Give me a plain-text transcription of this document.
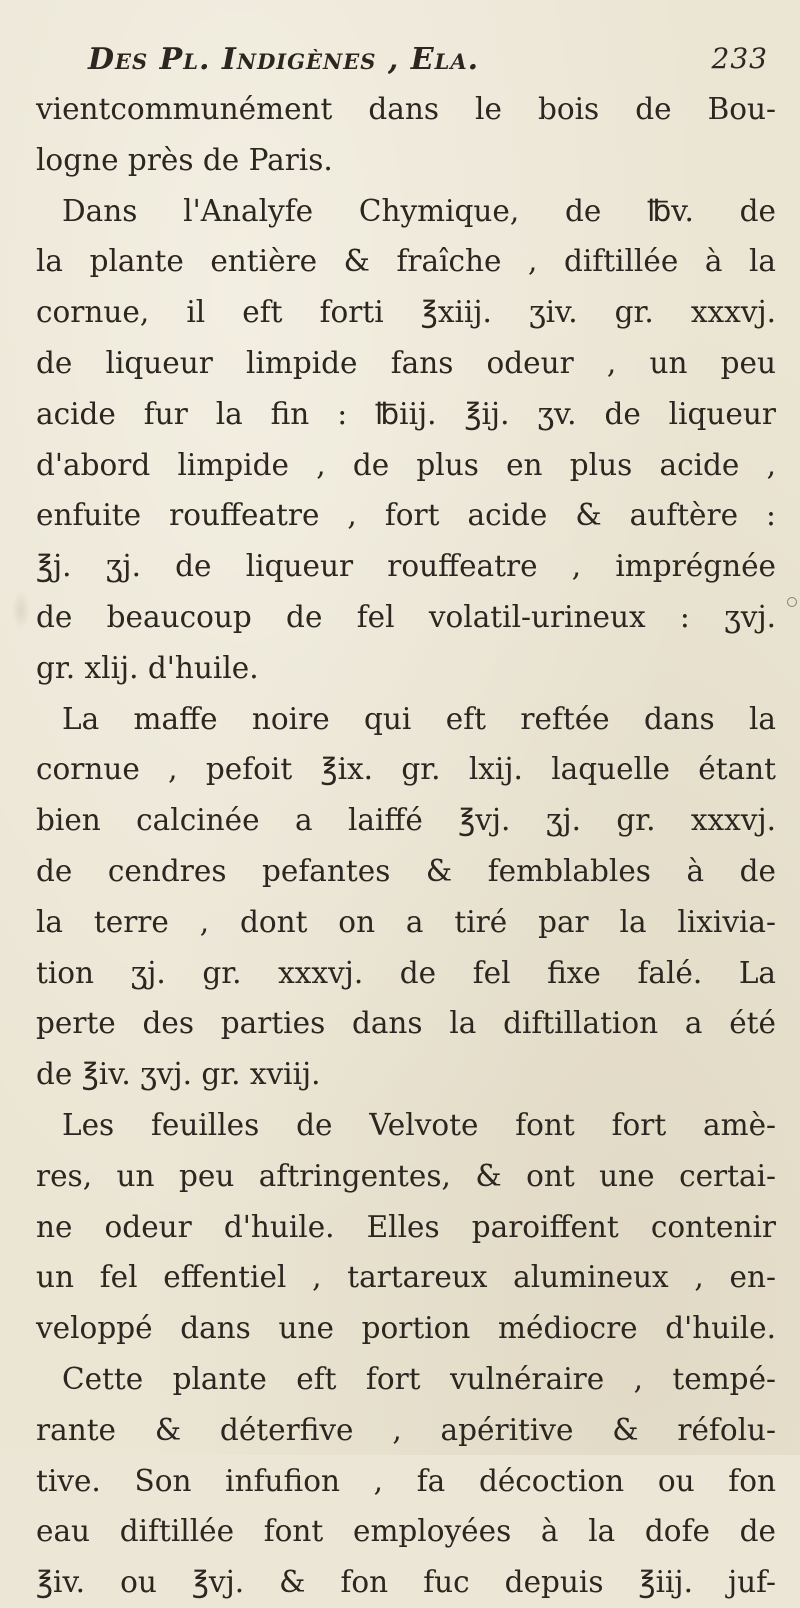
Des Pl. Indigènes , Ela.	233
vientcommunément dans le bois de Bou-
logne près de Paris.
Dans l'Analyfe Chymique, de ℔v. de
la plante entière & fraîche , diftillée à la
cornue, il eft forti ℥xiij. ʒiv. gr. xxxvj.
de liqueur limpide fans odeur , un peu
acide fur la fin : ℔iij. ℥ij. ʒv. de liqueur
d'abord limpide , de plus en plus acide ,
enfuite rouffeatre , fort acide & auftère :
℥j. ʒj. de liqueur rouffeatre , imprégnée
de beaucoup de fel volatil-urineux : ʒvj.
gr. xlij. d'huile.
La maffe noire qui eft reftée dans la
cornue , pefoit ℥ix. gr. lxij. laquelle étant
bien calcinée a laiffé ℥vj. ʒj. gr. xxxvj.
de cendres pefantes & femblables à de
la terre , dont on a tiré par la lixivia-
tion ʒj. gr. xxxvj. de fel fixe falé. La
perte des parties dans la diftillation a été
de ℥iv. ʒvj. gr. xviij.
Les feuilles de Velvote font fort amè-
res, un peu aftringentes, & ont une certai-
ne odeur d'huile. Elles paroiffent contenir
un fel effentiel , tartareux alumineux , en-
veloppé dans une portion médiocre d'huile.
Cette plante eft fort vulnéraire , tempé-
rante & déterfive , apéritive & réfolu-
tive. Son infufion , fa décoction ou fon
eau diftillée font employées à la dofe de
℥iv. ou ℥vj. & fon fuc depuis ℥iij. juf-
